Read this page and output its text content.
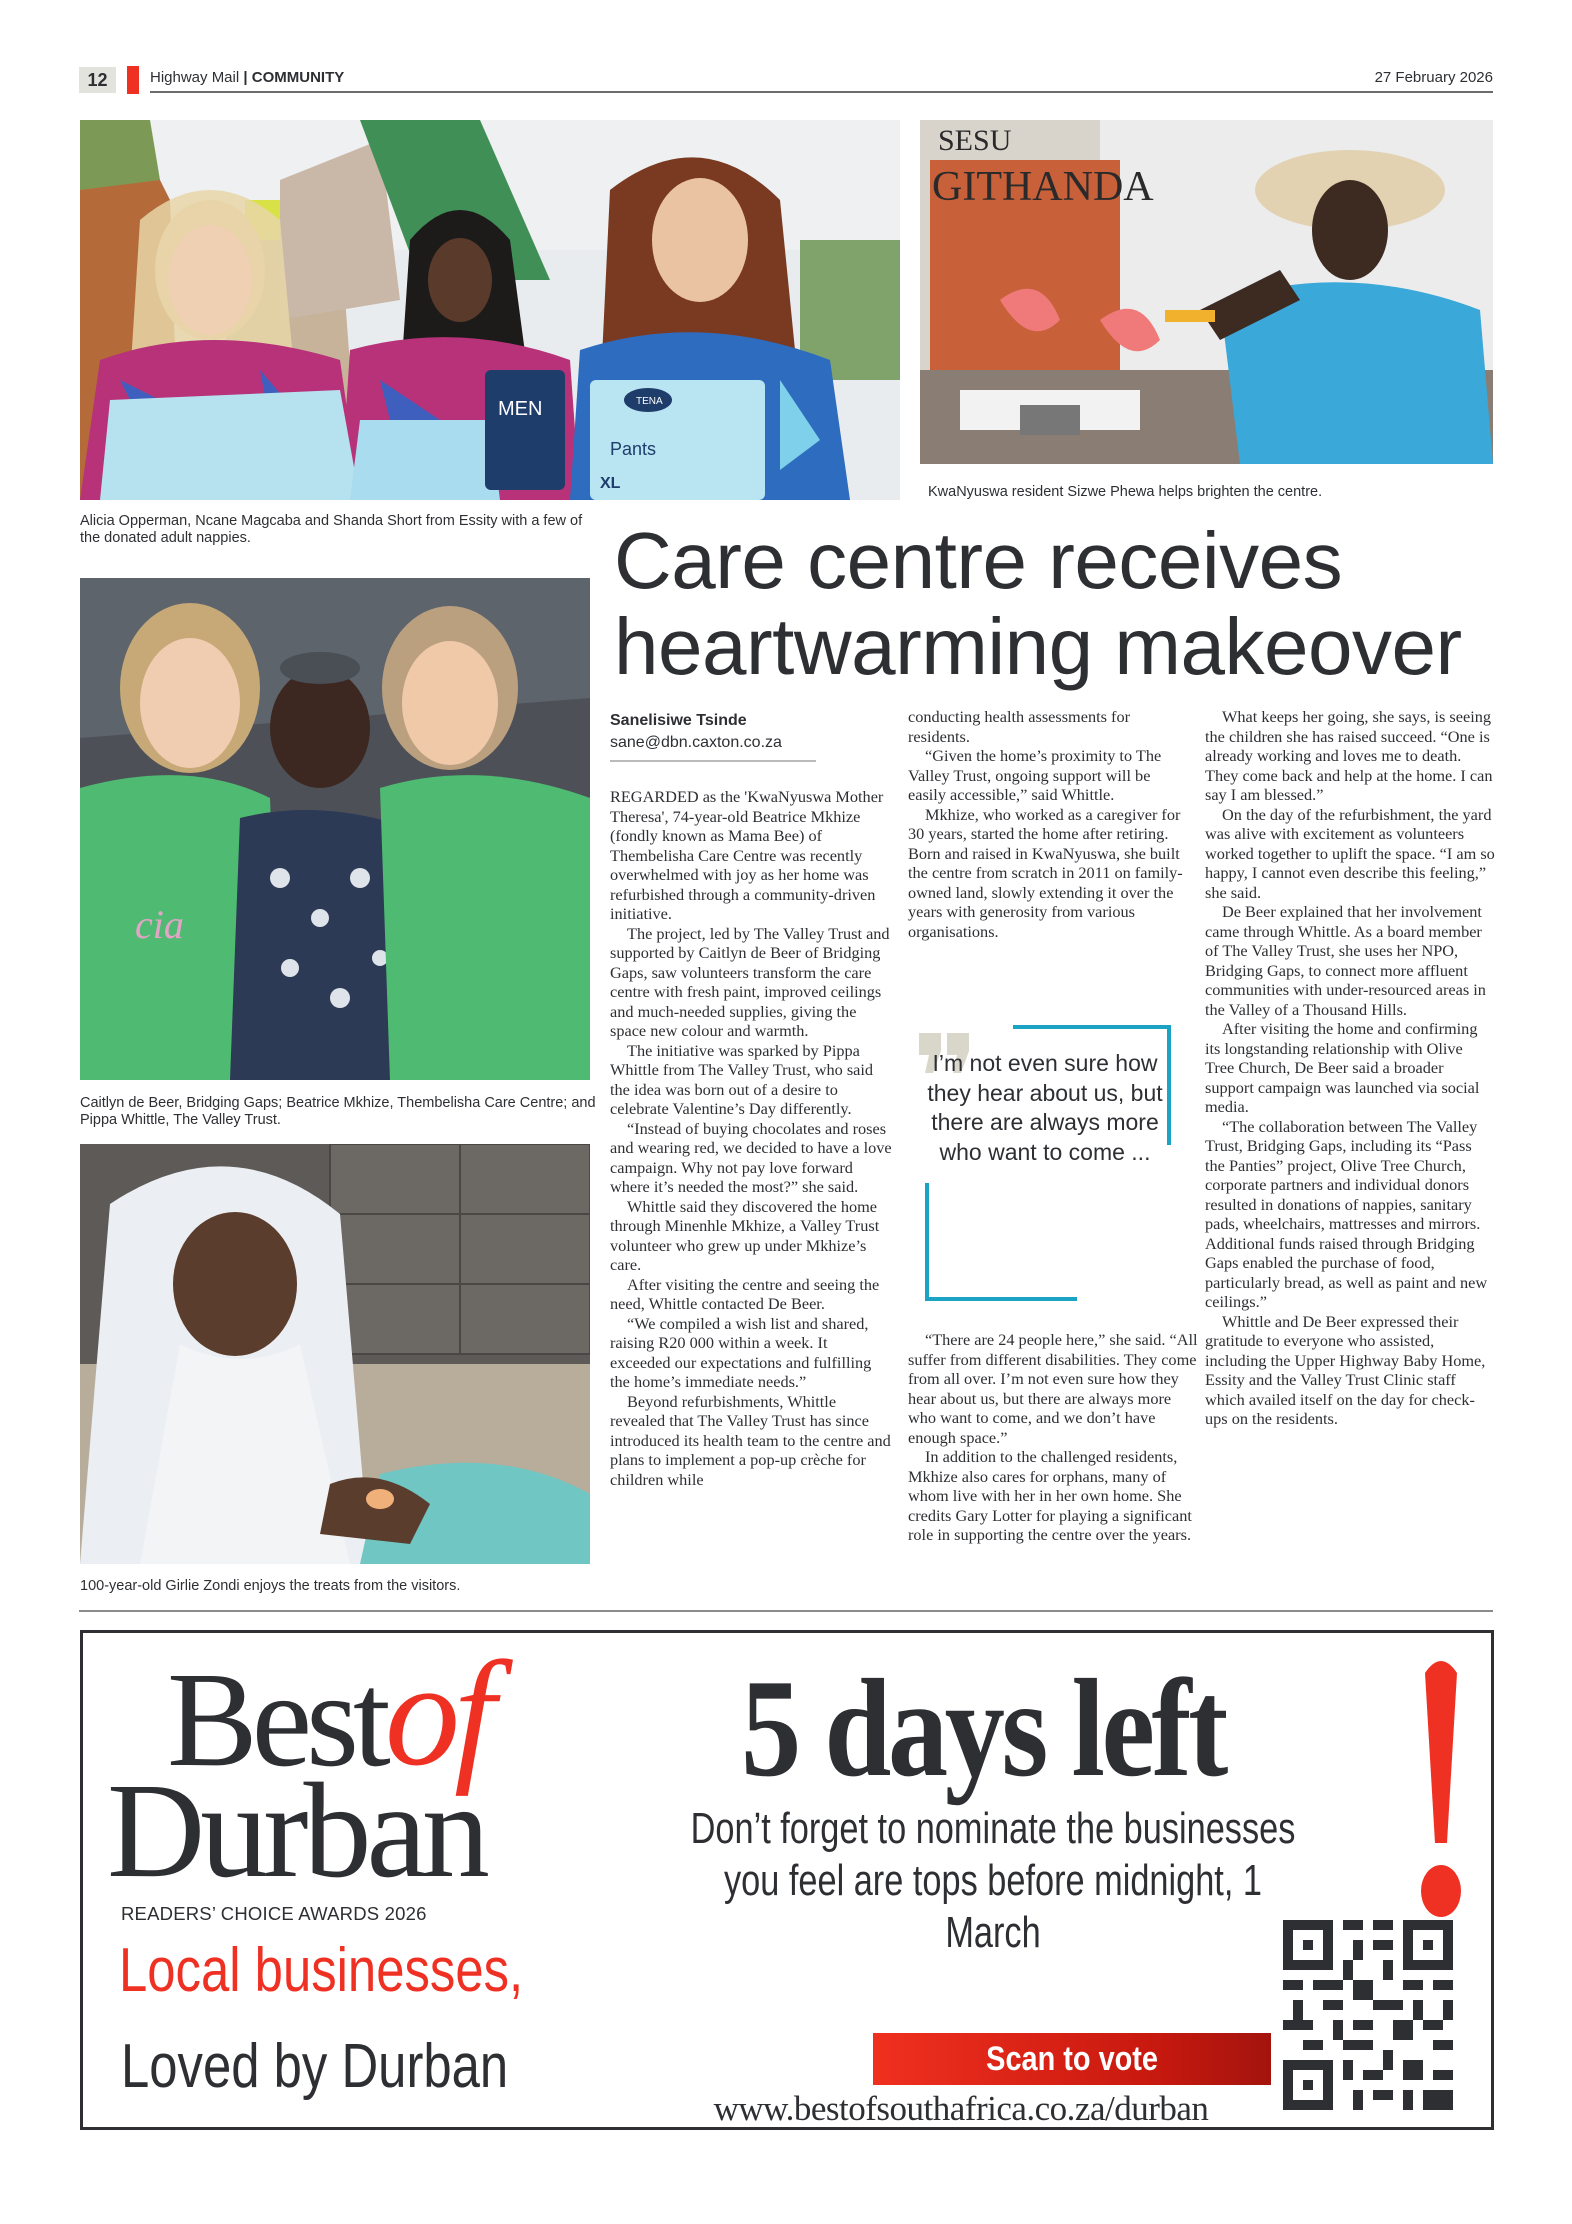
12	Highway Mail | COMMUNITY	27 February 2026
TENA
MEN
Pants
XL
Alicia Opperman, Ncane Magcaba and Shanda Short from Essity with a few of the donated adult nappies.
SESU
GITHANDA
KwaNyuswa resident Sizwe Phewa helps brighten the centre.
cia
Caitlyn de Beer, Bridging Gaps; Beatrice Mkhize, Thembelisha Care Centre; and Pippa Whittle, The Valley Trust.
100-year-old Girlie Zondi enjoys the treats from the visitors.
Care centre receives heartwarming makeover
Sanelisiwe Tsinde
sane@dbn.caxton.co.za

REGARDED as the 'KwaNyuswa Mother Theresa', 74-year-old Beatrice Mkhize (fondly known as Mama Bee) of Thembelisha Care Centre was recently overwhelmed with joy as her home was refurbished through a community-driven initiative.

The project, led by The Valley Trust and supported by Caitlyn de Beer of Bridging Gaps, saw volunteers transform the care centre with fresh paint, improved ceilings and much-needed supplies, giving the space new colour and warmth.

The initiative was sparked by Pippa Whittle from The Valley Trust, who said the idea was born out of a desire to celebrate Valentine’s Day differently.

“Instead of buying chocolates and roses and wearing red, we decided to have a love campaign. Why not pay love forward where it’s needed the most?” she said.

Whittle said they discovered the home through Minenhle Mkhize, a Valley Trust volunteer who grew up under Mkhize’s care.

After visiting the centre and seeing the need, Whittle contacted De Beer.

“We compiled a wish list and shared, raising R20 000 within a week. It exceeded our expectations and fulfilling the home’s immediate needs.”

Beyond refurbishments, Whittle revealed that The Valley Trust has since introduced its health team to the centre and plans to implement a pop-up crèche for children while

conducting health assessments for residents.

“Given the home’s proximity to The Valley Trust, ongoing support will be easily accessible,” said Whittle.

Mkhize, who worked as a caregiver for 30 years, started the home after retiring. Born and raised in KwaNyuswa, she built the centre from scratch in 2011 on family-owned land, slowly extending it over the years with generosity from various organisations.

I’m not even sure how they hear about us, but there are always more who want to come ...

“There are 24 people here,” she said. “All suffer from different disabilities. They come from all over. I’m not even sure how they hear about us, but there are always more who want to come, and we don’t have enough space.”

In addition to the challenged residents, Mkhize also cares for orphans, many of whom live with her in her own home. She credits Gary Lotter for playing a significant role in supporting the centre over the years.

What keeps her going, she says, is seeing the children she has raised succeed. “One is already working and loves me to death. They come back and help at the home. I can say I am blessed.”

On the day of the refurbishment, the yard was alive with excitement as volunteers worked together to uplift the space. “I am so happy, I cannot even describe this feeling,” she said.

De Beer explained that her involvement came through Whittle. As a board member of The Valley Trust, she uses her NPO, Bridging Gaps, to connect more affluent communities with under-resourced areas in the Valley of a Thousand Hills.

After visiting the home and confirming its longstanding relationship with Olive Tree Church, De Beer said a broader support campaign was launched via social media.

“The collaboration between The Valley Trust, Bridging Gaps, including its “Pass the Panties” project, Olive Tree Church, corporate partners and individual donors resulted in donations of nappies, sanitary pads, wheelchairs, mattresses and mirrors. Additional funds raised through Bridging Gaps enabled the purchase of food, particularly bread, as well as paint and new ceilings.”

Whittle and De Beer expressed their gratitude to everyone who assisted, including the Upper Highway Baby Home, Essity and the Valley Trust Clinic staff which availed itself on the day for check-ups on the residents.

Best of
Durban
READERS’ CHOICE AWARDS 2026
Local businesses,
Loved by Durban
5 days left
Don’t forget to nominate the businesses you feel are tops before midnight, 1 March
Scan to vote
www.bestofsouthafrica.co.za/durban
